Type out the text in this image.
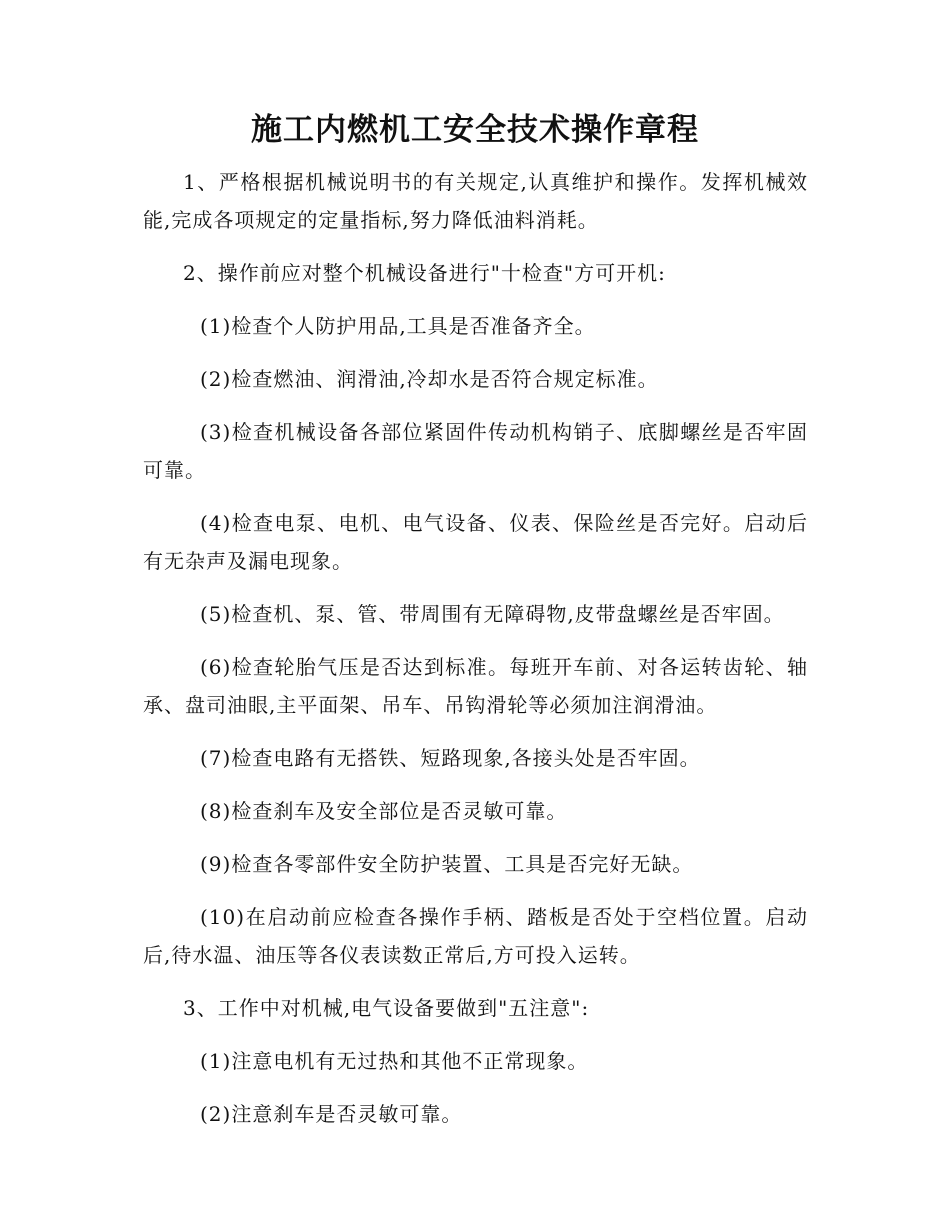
施工内燃机工安全技术操作章程

1、严格根据机械说明书的有关规定,认真维护和操作。发挥机械效能,完成各项规定的定量指标,努力降低油料消耗。

2、操作前应对整个机械设备进行"十检查"方可开机:

(1)检查个人防护用品,工具是否准备齐全。

(2)检查燃油、润滑油,冷却水是否符合规定标准。

(3)检查机械设备各部位紧固件传动机构销子、底脚螺丝是否牢固可靠。

(4)检查电泵、电机、电气设备、仪表、保险丝是否完好。启动后有无杂声及漏电现象。

(5)检查机、泵、管、带周围有无障碍物,皮带盘螺丝是否牢固。

(6)检查轮胎气压是否达到标准。每班开车前、对各运转齿轮、轴承、盘司油眼,主平面架、吊车、吊钩滑轮等必须加注润滑油。

(7)检查电路有无搭铁、短路现象,各接头处是否牢固。

(8)检查刹车及安全部位是否灵敏可靠。

(9)检查各零部件安全防护装置、工具是否完好无缺。

(10)在启动前应检查各操作手柄、踏板是否处于空档位置。启动后,待水温、油压等各仪表读数正常后,方可投入运转。

3、工作中对机械,电气设备要做到"五注意":

(1)注意电机有无过热和其他不正常现象。

(2)注意刹车是否灵敏可靠。
